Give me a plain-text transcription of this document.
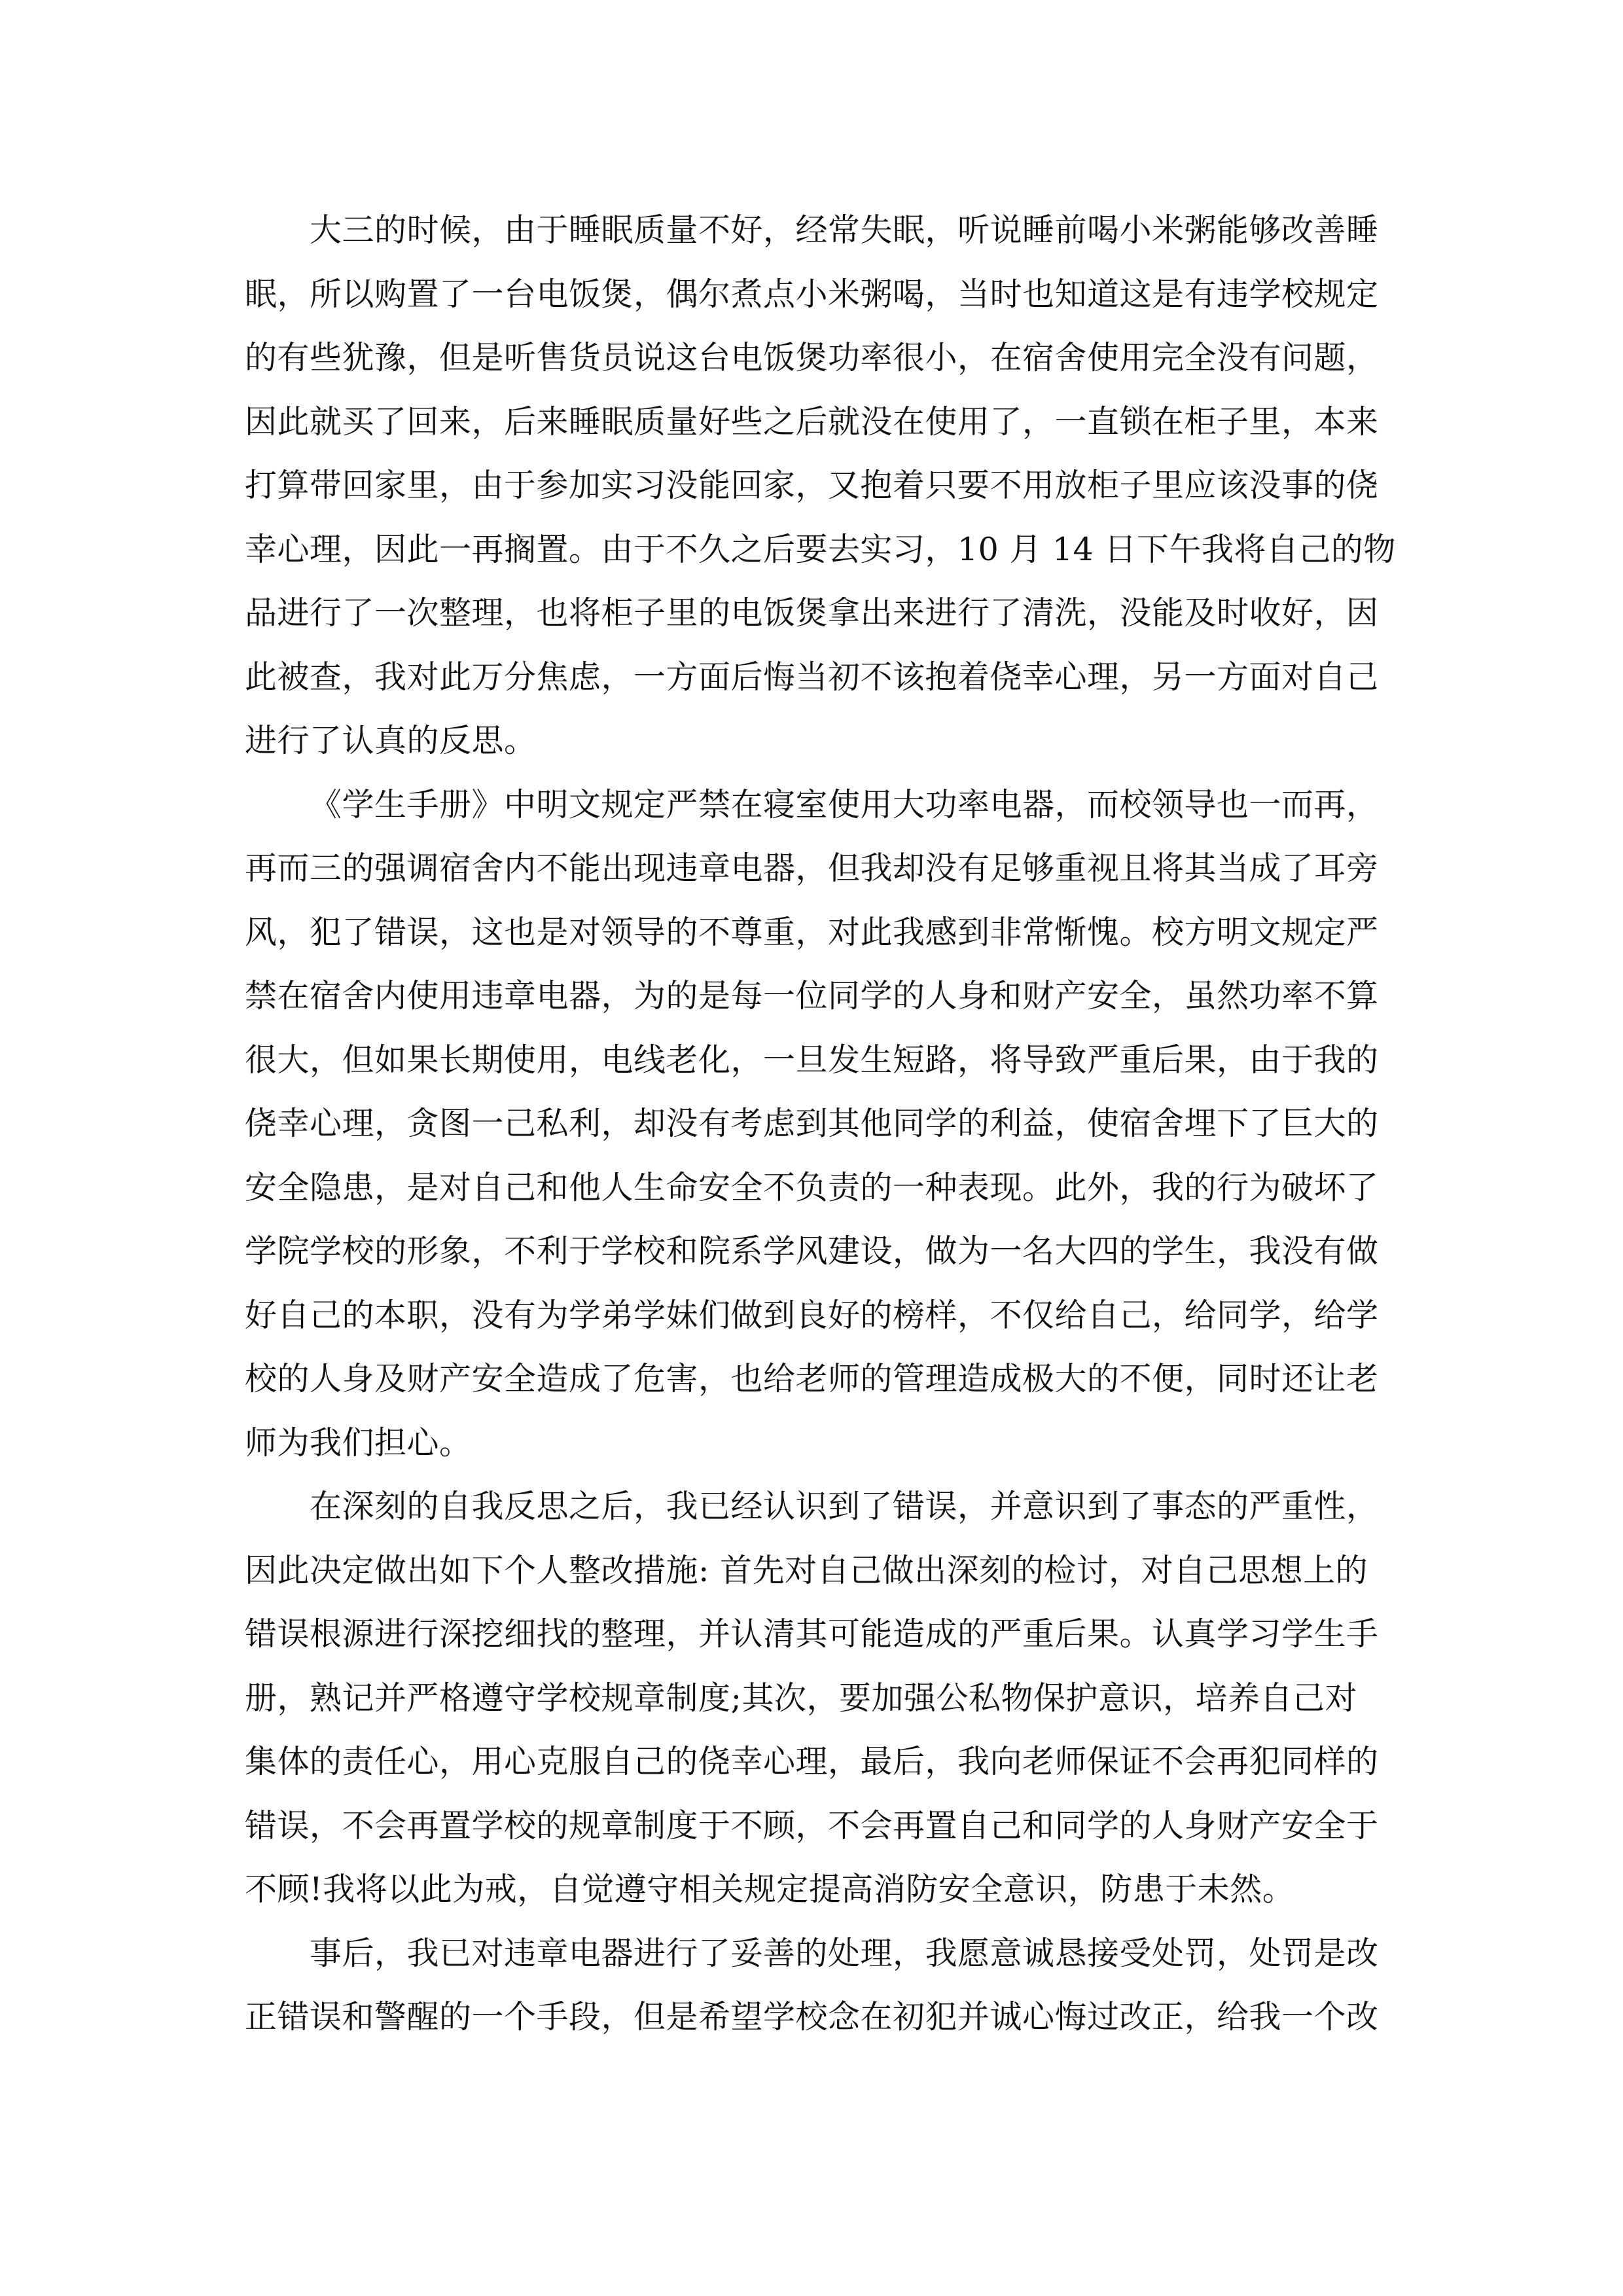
大三的时候，由于睡眠质量不好，经常失眠，听说睡前喝小米粥能够改善睡
眠，所以购置了一台电饭煲，偶尔煮点小米粥喝，当时也知道这是有违学校规定
的有些犹豫，但是听售货员说这台电饭煲功率很小，在宿舍使用完全没有问题，
因此就买了回来，后来睡眠质量好些之后就没在使用了，一直锁在柜子里，本来
打算带回家里，由于参加实习没能回家，又抱着只要不用放柜子里应该没事的侥
幸心理，因此一再搁置。由于不久之后要去实习，10 月 14 日下午我将自己的物
品进行了一次整理，也将柜子里的电饭煲拿出来进行了清洗，没能及时收好，因
此被查，我对此万分焦虑，一方面后悔当初不该抱着侥幸心理，另一方面对自己
进行了认真的反思。
《学生手册》中明文规定严禁在寝室使用大功率电器，而校领导也一而再，
再而三的强调宿舍内不能出现违章电器，但我却没有足够重视且将其当成了耳旁
风，犯了错误，这也是对领导的不尊重，对此我感到非常惭愧。校方明文规定严
禁在宿舍内使用违章电器，为的是每一位同学的人身和财产安全，虽然功率不算
很大，但如果长期使用，电线老化，一旦发生短路，将导致严重后果，由于我的
侥幸心理，贪图一己私利，却没有考虑到其他同学的利益，使宿舍埋下了巨大的
安全隐患，是对自己和他人生命安全不负责的一种表现。此外，我的行为破坏了
学院学校的形象，不利于学校和院系学风建设，做为一名大四的学生，我没有做
好自己的本职，没有为学弟学妹们做到良好的榜样，不仅给自己，给同学，给学
校的人身及财产安全造成了危害，也给老师的管理造成极大的不便，同时还让老
师为我们担心。
在深刻的自我反思之后，我已经认识到了错误，并意识到了事态的严重性，
因此决定做出如下个人整改措施: 首先对自己做出深刻的检讨，对自己思想上的
错误根源进行深挖细找的整理，并认清其可能造成的严重后果。认真学习学生手
册，熟记并严格遵守学校规章制度;其次，要加强公私物保护意识，培养自己对
集体的责任心，用心克服自己的侥幸心理，最后，我向老师保证不会再犯同样的
错误，不会再置学校的规章制度于不顾，不会再置自己和同学的人身财产安全于
不顾!我将以此为戒，自觉遵守相关规定提高消防安全意识，防患于未然。
事后，我已对违章电器进行了妥善的处理，我愿意诚恳接受处罚，处罚是改
正错误和警醒的一个手段，但是希望学校念在初犯并诚心悔过改正，给我一个改
